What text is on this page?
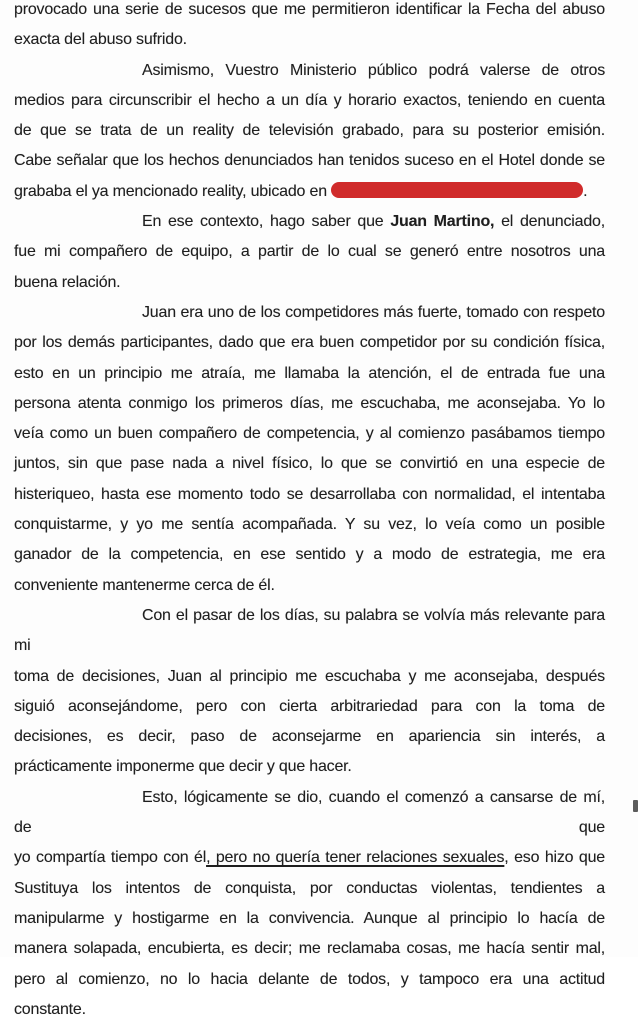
provocado una serie de sucesos que me permitieron identificar la Fecha del abuso
exacta del abuso sufrido.
Asimismo, Vuestro Ministerio público podrá valerse de otros
medios para circunscribir el hecho a un día y horario exactos, teniendo en cuenta
de que se trata de un reality de televisión grabado, para su posterior emisión.
Cabe señalar que los hechos denunciados han tenidos suceso en el Hotel donde se
grababa el ya mencionado reality, ubicado en	.
En ese contexto, hago saber que Juan Martino, el denunciado,
fue mi compañero de equipo, a partir de lo cual se generó entre nosotros una
buena relación.
Juan era uno de los competidores más fuerte, tomado con respeto
por los demás participantes, dado que era buen competidor por su condición física,
esto en un principio me atraía, me llamaba la atención, el de entrada fue una
persona atenta conmigo los primeros días, me escuchaba, me aconsejaba. Yo lo
veía como un buen compañero de competencia, y al comienzo pasábamos tiempo
juntos, sin que pase nada a nivel físico, lo que se convirtió en una especie de
histeriqueo, hasta ese momento todo se desarrollaba con normalidad, el intentaba
conquistarme, y yo me sentía acompañada. Y su vez, lo veía como un posible
ganador de la competencia, en ese sentido y a modo de estrategia, me era
conveniente mantenerme cerca de él.
Con el pasar de los días, su palabra se volvía más relevante para mi
toma de decisiones, Juan al principio me escuchaba y me aconsejaba, después
siguió aconsejándome, pero con cierta arbitrariedad para con la toma de
decisiones, es decir, paso de aconsejarme en apariencia sin interés, a
prácticamente imponerme que decir y que hacer.
Esto, lógicamente se dio, cuando el comenzó a cansarse de mí, de que
yo compartía tiempo con él, pero no quería tener relaciones sexuales, eso hizo que
Sustituya los intentos de conquista, por conductas violentas, tendientes a
manipularme y hostigarme en la convivencia. Aunque al principio lo hacía de
manera solapada, encubierta, es decir; me reclamaba cosas, me hacía sentir mal,
pero al comienzo, no lo hacia delante de todos, y tampoco era una actitud
constante.
